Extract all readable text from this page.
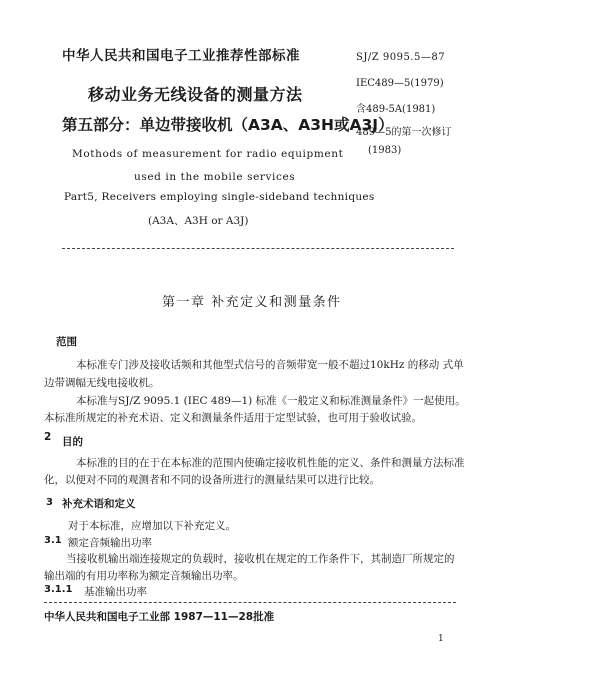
中华人民共和国电子工业推荐性部标准
移动业务无线设备的测量方法
第五部分：单边带接收机（A3A、A3H或A3J）
SJ/Z 9095.5—87
IEC489—5(1979)
含489-5A(1981)
489—5的第一次修订
(1983)
Mothods of measurement for radio equipment
used in the mobile services
Part5, Receivers employing single-sideband techniques
(A3A、A3H or A3J)
第一章 补充定义和测量条件
范围
本标准专门涉及接收话频和其他型式信号的音频带宽一般不超过10kHz 的移动 式单
边带调幅无线电接收机。
本标准与SJ/Z 9095.1 (IEC 489—1) 标准《一般定义和标准测量条件》一起使用。
本标准所规定的补充术语、定义和测量条件适用于定型试验，也可用于验收试验。
2 目的
本标准的目的在于在本标准的范围内使确定接收机性能的定义、条件和测量方法标准
化，以便对不同的观测者和不同的设备所进行的测量结果可以进行比较。
3 补充术语和定义
对于本标准，应增加以下补充定义。
3.1 额定音频输出功率
当接收机输出端连接规定的负载时，接收机在规定的工作条件下，其制造厂所规定的
输出端的有用功率称为额定音频输出功率。
3.1.1 基准输出功率
中华人民共和国电子工业部 1987—11—28批准
1
